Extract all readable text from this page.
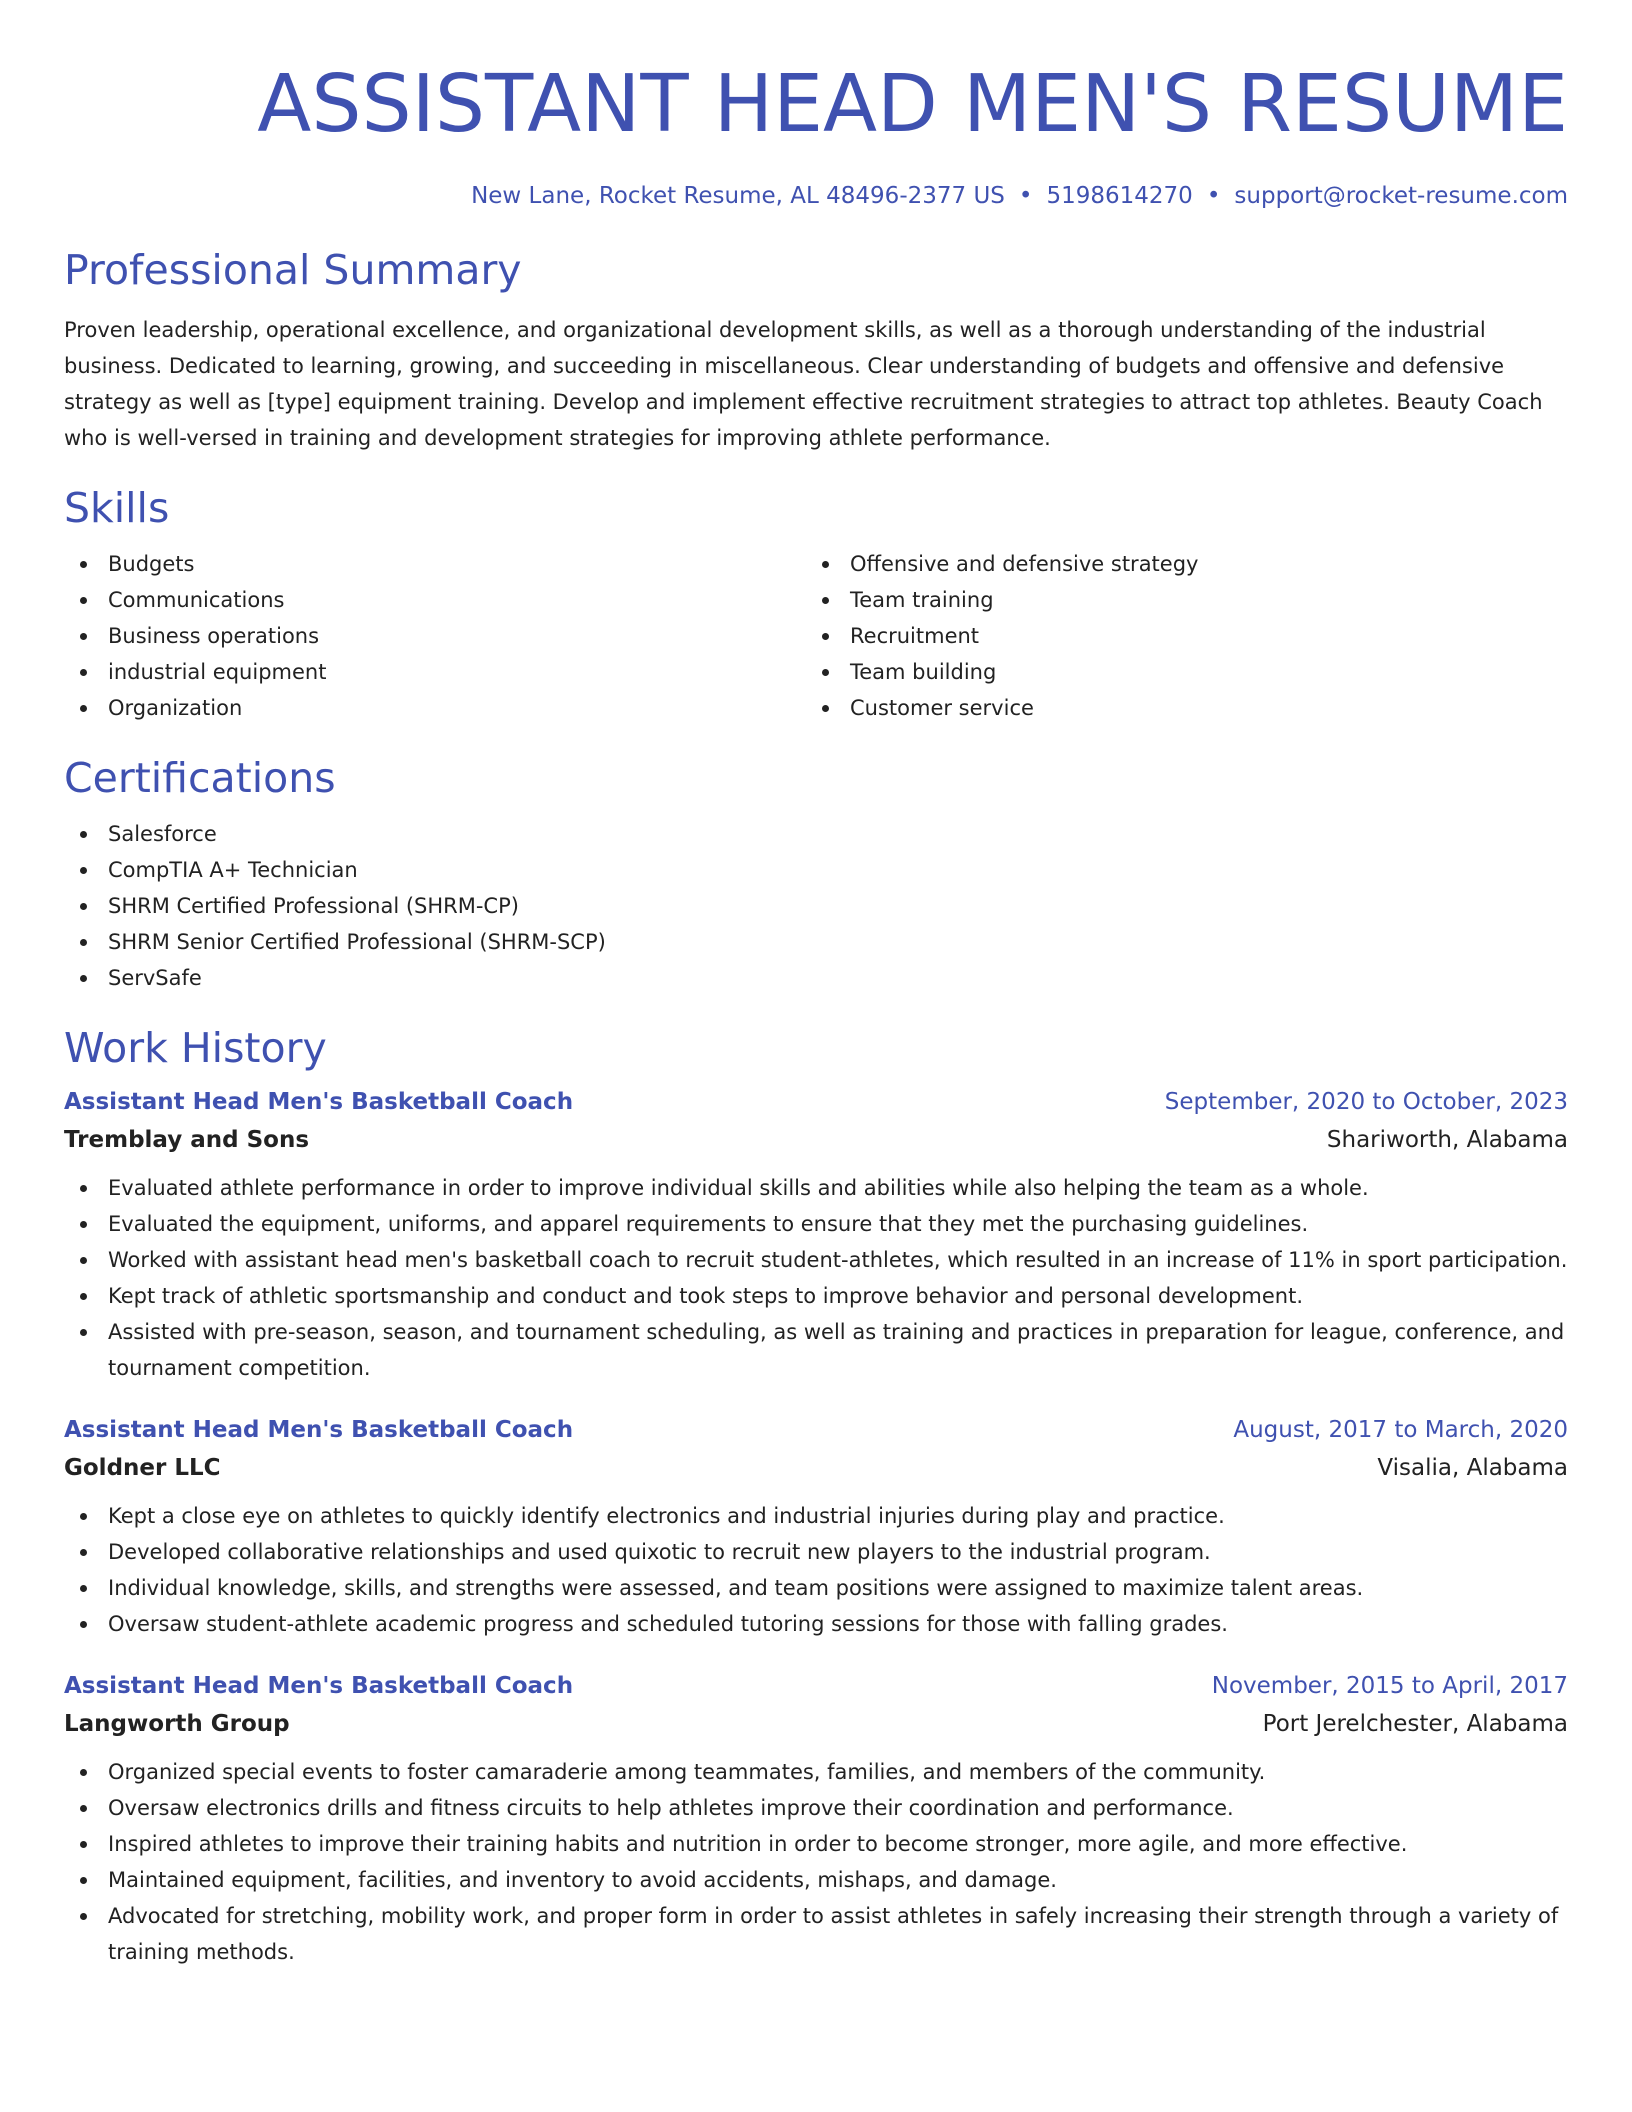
ASSISTANT HEAD MEN'S RESUME
New Lane, Rocket Resume, AL 48496-2377 US • 5198614270 • support@rocket-resume.com
Professional Summary

Proven leadership, operational excellence, and organizational development skills, as well as a thorough understanding of the industrial business. Dedicated to learning, growing, and succeeding in miscellaneous. Clear understanding of budgets and offensive and defensive strategy as well as [type] equipment training. Develop and implement effective recruitment strategies to attract top athletes. Beauty Coach who is well-versed in training and development strategies for improving athlete performance.

Skills
Budgets
Communications
Business operations
industrial equipment
Organization
Offensive and defensive strategy
Team training
Recruitment
Team building
Customer service
Certifications
Salesforce
CompTIA A+ Technician
SHRM Certified Professional (SHRM-CP)
SHRM Senior Certified Professional (SHRM-SCP)
ServSafe
Work History
Assistant Head Men's Basketball Coach	September, 2020 to October, 2023
Tremblay and Sons	Shariworth, Alabama
Evaluated athlete performance in order to improve individual skills and abilities while also helping the team as a whole.
Evaluated the equipment, uniforms, and apparel requirements to ensure that they met the purchasing guidelines.
Worked with assistant head men's basketball coach to recruit student-athletes, which resulted in an increase of 11% in sport participation.
Kept track of athletic sportsmanship and conduct and took steps to improve behavior and personal development.
Assisted with pre-season, season, and tournament scheduling, as well as training and practices in preparation for league, conference, and tournament competition.
Assistant Head Men's Basketball Coach	August, 2017 to March, 2020
Goldner LLC	Visalia, Alabama
Kept a close eye on athletes to quickly identify electronics and industrial injuries during play and practice.
Developed collaborative relationships and used quixotic to recruit new players to the industrial program.
Individual knowledge, skills, and strengths were assessed, and team positions were assigned to maximize talent areas.
Oversaw student-athlete academic progress and scheduled tutoring sessions for those with falling grades.
Assistant Head Men's Basketball Coach	November, 2015 to April, 2017
Langworth Group	Port Jerelchester, Alabama
Organized special events to foster camaraderie among teammates, families, and members of the community.
Oversaw electronics drills and fitness circuits to help athletes improve their coordination and performance.
Inspired athletes to improve their training habits and nutrition in order to become stronger, more agile, and more effective.
Maintained equipment, facilities, and inventory to avoid accidents, mishaps, and damage.
Advocated for stretching, mobility work, and proper form in order to assist athletes in safely increasing their strength through a variety of training methods.
